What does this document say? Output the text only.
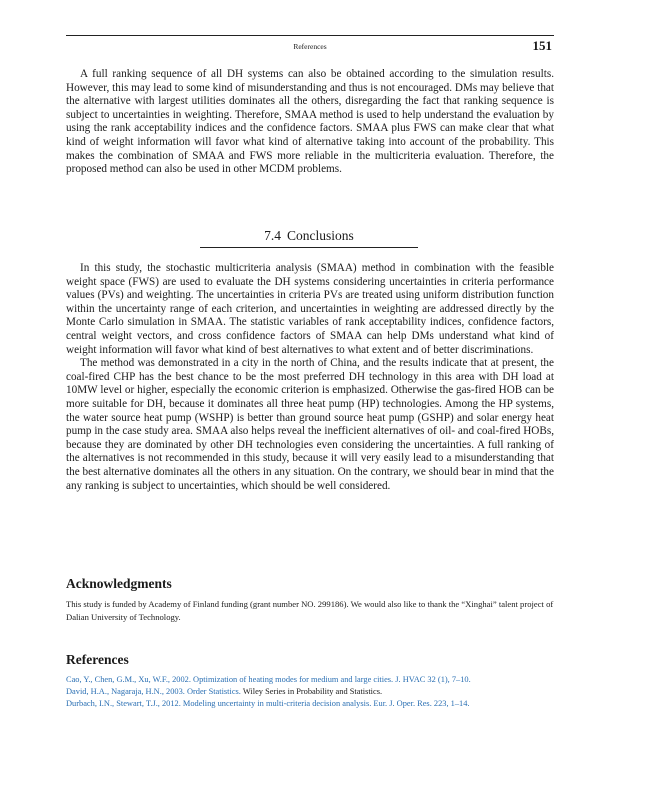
References	151

A full ranking sequence of all DH systems can also be obtained according to the simulation results. However, this may lead to some kind of misunderstanding and thus is not encouraged. DMs may believe that the alternative with largest utilities dominates all the others, disregarding the fact that ranking sequence is subject to uncertainties in weighting. Therefore, SMAA method is used to help understand the evaluation by using the rank acceptability indices and the confidence factors. SMAA plus FWS can make clear that what kind of weight information will favor what kind of alternative taking into account of the probability. This makes the combination of SMAA and FWS more reliable in the multicriteria evaluation. Therefore, the proposed method can also be used in other MCDM problems.

7.4 Conclusions

In this study, the stochastic multicriteria analysis (SMAA) method in combination with the feasible weight space (FWS) are used to evaluate the DH systems considering uncertainties in criteria performance values (PVs) and weighting. The uncertainties in criteria PVs are treated using uniform distribution function within the uncertainty range of each criterion, and uncertainties in weighting are addressed directly by the Monte Carlo simulation in SMAA. The statistic variables of rank acceptability indices, confidence factors, central weight vectors, and cross confidence factors of SMAA can help DMs understand what kind of weight information will favor what kind of best alternatives to what extent and of better discriminations.

The method was demonstrated in a city in the north of China, and the results indicate that at present, the coal-fired CHP has the best chance to be the most preferred DH technology in this area with DH load at 10MW level or higher, especially the economic criterion is emphasized. Otherwise the gas-fired HOB can be more suitable for DH, because it dominates all three heat pump (HP) technologies. Among the HP systems, the water source heat pump (WSHP) is better than ground source heat pump (GSHP) and solar energy heat pump in the case study area. SMAA also helps reveal the inefficient alternatives of oil- and coal-fired HOBs, because they are dominated by other DH technologies even considering the uncertainties. A full ranking of the alternatives is not recommended in this study, because it will very easily lead to a misunderstanding that the best alternative dominates all the others in any situation. On the contrary, we should bear in mind that the any ranking is subject to uncertainties, which should be well considered.

Acknowledgments
This study is funded by Academy of Finland funding (grant number NO. 299186). We would also like to thank the “Xinghai” talent project of Dalian University of Technology.
References
Cao, Y., Chen, G.M., Xu, W.F., 2002. Optimization of heating modes for medium and large cities. J. HVAC 32 (1), 7–10.
David, H.A., Nagaraja, H.N., 2003. Order Statistics. Wiley Series in Probability and Statistics.
Durbach, I.N., Stewart, T.J., 2012. Modeling uncertainty in multi-criteria decision analysis. Eur. J. Oper. Res. 223, 1–14.
